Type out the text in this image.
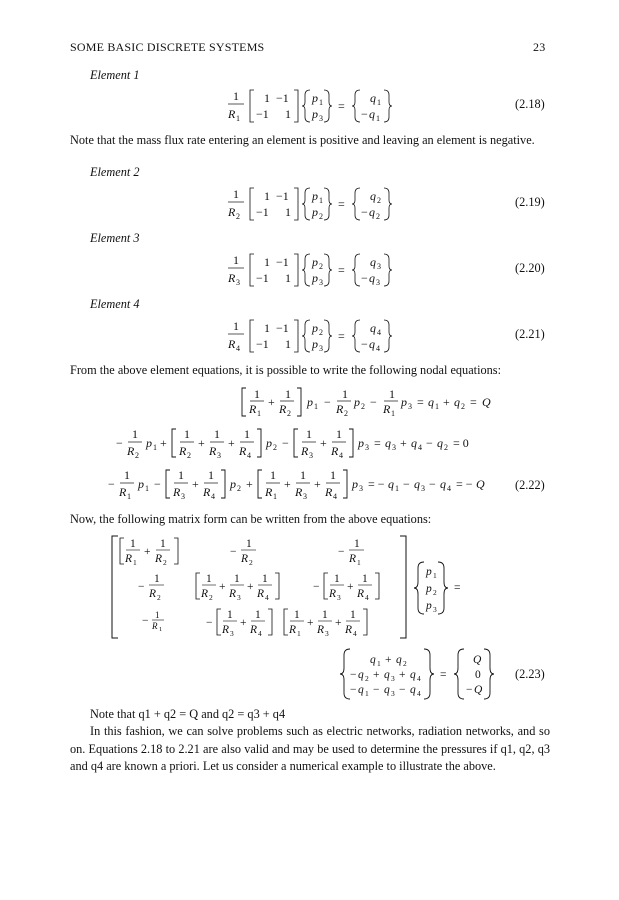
SOME BASIC DISCRETE SYSTEMS	23
Element 1
Element 2
Element 3
Element 4
1
R 1
1 −1
−1 1
p 1
p 3
=
q 1
− q 1
1
R 2
1 −1
−1 1
p 1
p 2
=
q 2
− q 2
1
R 3
1 −1
−1 1
p 2
p 3
=
q 3
− q 3
1
R 4
1 −1
−1 1
p 2
p 3
=
q 4
− q 4
(2.18)
(2.19)
(2.20)
(2.21)
Note that the mass flux rate entering an element is positive and leaving an element is negative.
From the above element equations, it is possible to write the following nodal equations:
1
R 1
+
1
R 2
p 1 −
1
R 2
p 2 −
1
R 1
p 3 = q 1 + q 2 = Q
−
1
R 2
p 1 +
1
R 2
+
1
R 3
+
1
R 4
p 2 −
1
R 3
+
1
R 4
p 3 = q 3 + q 4 − q 2 = 0
−
1
R 1
p 1 −
1
R 3
+
1
R 4
p 2 +
1
R 1
+
1
R 3
+
1
R 4
p 3 = − q 1 − q 3 − q 4 = − Q (2.22)
Now, the following matrix form can be written from the above equations:
1
R 1
+
1
R 2
−
1
R 2
−
1
R 1
−
1
R 2
1
R 2
+
1
R 3
+
1
R 4
−
1
R 3
+
1
R 4
− 1
R 1
−
1
R 3
+
1
R 4
1
R 1
+
1
R 3
+
1
R 4
p 1
p 2
p 3
=
q 1 + q 2
− q 2 + q 3 + q 4
− q 1 − q 3 − q 4
=
Q
0
− Q
(2.23)
Note that q1 + q2 = Q and q2 = q3 + q4
In this fashion, we can solve problems such as electric networks, radiation networks, and so on. Equations 2.18 to 2.21 are also valid and may be used to determine the pressures if q1, q2, q3 and q4 are known a priori. Let us consider a numerical example to illustrate the above.
